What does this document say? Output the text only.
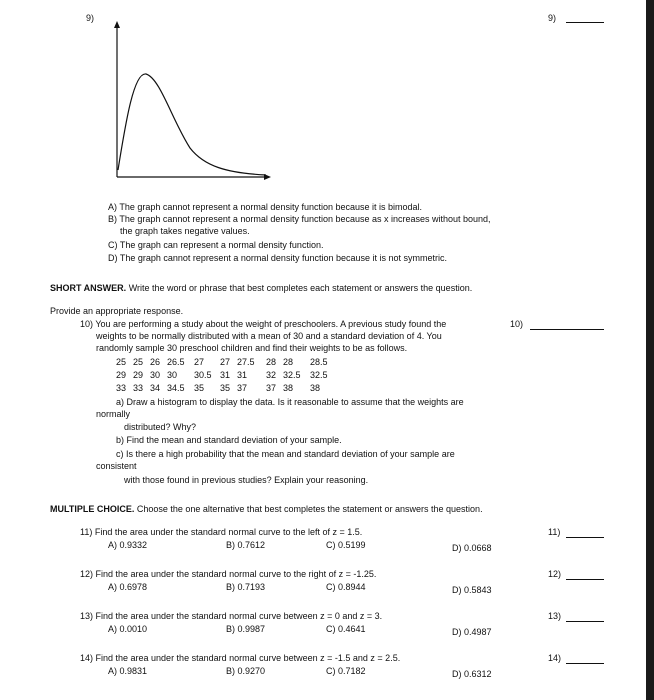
9)	9)
A) The graph cannot represent a normal density function because it is bimodal.
B) The graph cannot represent a normal density function because as x increases without bound,
the graph takes negative values.
C) The graph can represent a normal density function.
D) The graph cannot represent a normal density function because it is not symmetric.
SHORT ANSWER. Write the word or phrase that best completes each statement or answers the question.
Provide an appropriate response.
10) You are performing a study about the weight of preschoolers. A previous study found the
weights to be normally distributed with a mean of 30 and a standard deviation of 4. You
randomly sample 30 preschool children and find their weights to be as follows.
10)
25 25 26 26.5 27 27 27.5 28 28 28.5
29 29 30 30 30.5 31 31 32 32.5 32.5
33 33 34 34.5 35 35 37 37 38 38
a) Draw a histogram to display the data. Is it reasonable to assume that the weights are
normally
distributed? Why?
b) Find the mean and standard deviation of your sample.
c) Is there a high probability that the mean and standard deviation of your sample are
consistent
with those found in previous studies? Explain your reasoning.
MULTIPLE CHOICE. Choose the one alternative that best completes the statement or answers the question.
11) Find the area under the standard normal curve to the left of z = 1.5.	11)
A) 0.9332	B) 0.7612	C) 0.5199	D) 0.0668
12) Find the area under the standard normal curve to the right of z = -1.25.	12)
A) 0.6978	B) 0.7193	C) 0.8944	D) 0.5843
13) Find the area under the standard normal curve between z = 0 and z = 3.	13)
A) 0.0010	B) 0.9987	C) 0.4641	D) 0.4987
14) Find the area under the standard normal curve between z = -1.5 and z = 2.5.	14)
A) 0.9831	B) 0.9270	C) 0.7182	D) 0.6312
